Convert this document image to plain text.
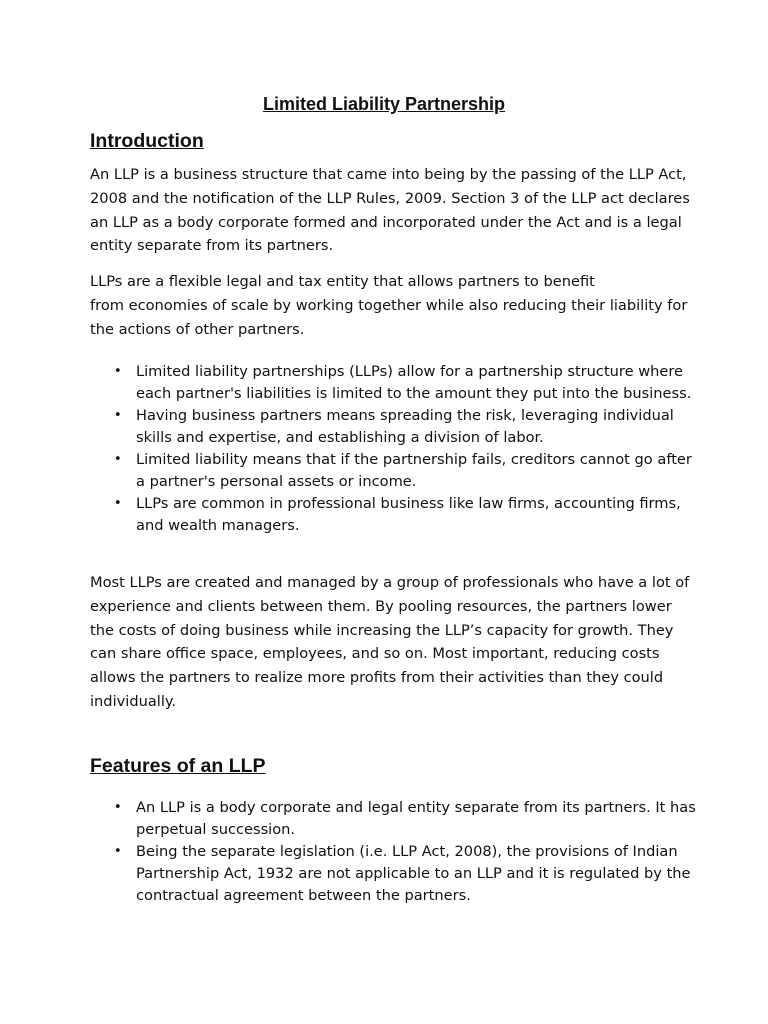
Limited Liability Partnership
Introduction

An LLP is a business structure that came into being by the passing of the LLP Act,
2008 and the notification of the LLP Rules, 2009. Section 3 of the LLP act declares
an LLP as a body corporate formed and incorporated under the Act and is a legal
entity separate from its partners.

LLPs are a flexible legal and tax entity that allows partners to benefit
from economies of scale by working together while also reducing their liability for
the actions of other partners.

• Limited liability partnerships (LLPs) allow for a partnership structure where
each partner's liabilities is limited to the amount they put into the business.
• Having business partners means spreading the risk, leveraging individual
skills and expertise, and establishing a division of labor.
• Limited liability means that if the partnership fails, creditors cannot go after
a partner's personal assets or income.
• LLPs are common in professional business like law firms, accounting firms,
and wealth managers.

Most LLPs are created and managed by a group of professionals who have a lot of
experience and clients between them. By pooling resources, the partners lower
the costs of doing business while increasing the LLP’s capacity for growth. They
can share office space, employees, and so on. Most important, reducing costs
allows the partners to realize more profits from their activities than they could
individually.

Features of an LLP
• An LLP is a body corporate and legal entity separate from its partners. It has
perpetual succession.
• Being the separate legislation (i.e. LLP Act, 2008), the provisions of Indian
Partnership Act, 1932 are not applicable to an LLP and it is regulated by the
contractual agreement between the partners.
